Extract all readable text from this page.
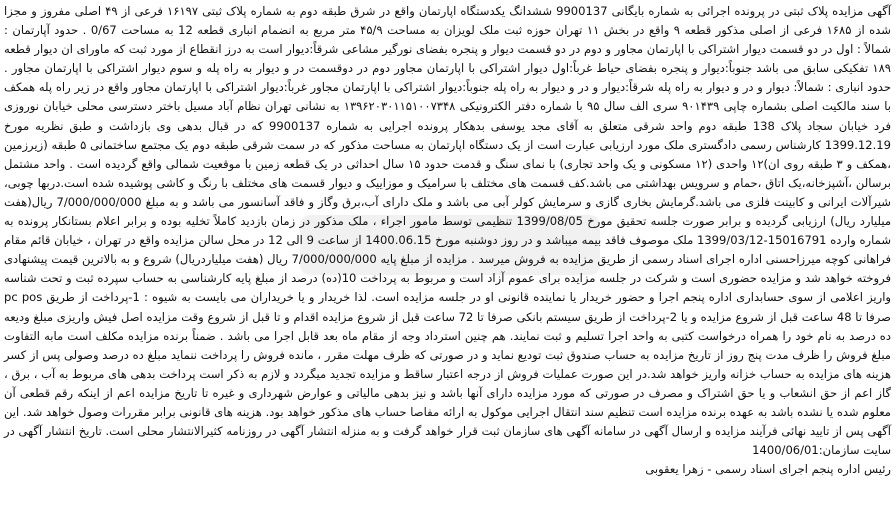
آگهی مزایده پلاک ثبتی در پرونده اجرائی به شماره بایگانی 9900137 ششدانگ یکدستگاه اپارتمان واقع در شرق طبقه دوم به شماره پلاک ثبتی ۱۶۱۹۷ فرعی از ۴۹ اصلی مفروز و مجزا شده از ۱۶۸۵ فرعی از اصلی مذکور قطعه ۹ واقع در بخش ۱۱ تهران حوزه ثبت ملک لویزان به مساحت ۴۵/۹ متر مربع به انضمام انباری قطعه 12 به مساحت 0/67 . حدود آپارتمان : شمالاً : اول در دو قسمت دیوار اشتراکی با اپارتمان مجاور و دوم در دو قسمت دیوار و پنجره بفضای نورگیر مشاعی شرقاً:دیوار است به درز انقطاع از مورد ثبت که ماورای ان دیوار قطعه ۱۸۹ تفکیکی سابق می باشد جنوباً:دیوار و پنجره بفضای حیاط غرباً:اول دیوار اشتراکی با اپارتمان مجاور دوم در دوقسمت در و دیوار به راه پله و سوم دیوار اشتراکی با اپارتمان مجاور . حدود انباری : شمالاً: دیوار و در و دیوار به راه پله شرقاً:دیوار و در و دیوار به راه پله جنوباً:دیوار اشتراکی با اپارتمان مجاور غرباً:دیوار اشتراکی با اپارتمان مجاور واقع در زیر راه پله همکف با سند مالکیت اصلی بشماره چاپی ۹۰۱۴۳۹ سری الف سال ۹۵ با شماره دفتر الکترونیکی ۱۳۹۶۲۰۳۰۱۱۵۱۰۰۷۳۴۸ به نشانی تهران نظام آباد مسیل باختر دسترسی محلی خیابان نوروزی فرد خیابان سجاد پلاک 138 طبقه دوم واحد شرقی متعلق به آقای مجد یوسفی بدهکار پرونده اجرایی به شماره 9900137 که در قبال بدهی وی بازداشت و طبق نظریه مورخ 1399.12.19 کارشناس رسمی دادگستری ملک مورد ارزیابی عبارت است از یک دستگاه اپارتمان به مساحت مذکور که در سمت شرقی طبقه دوم یک مجتمع ساختمانی ۵ طبقه (زیرزمین ،همکف و ۳ طبقه روی ان)۱۲ واحدی (۱۲ مسکونی و یک واحد تجاری) با نمای سنگ و قدمت حدود ۱۵ سال احداثی در یک قطعه زمین با موقعیت شمالی واقع گردیده است . واحد مشتمل برسالن ،آشپزخانه،یک اتاق ،حمام و سرویس بهداشتی می باشد.کف قسمت های مختلف با سرامیک و موزاییک و دیوار قسمت های مختلف با رنگ و کاشی پوشیده شده است.دربها چوبی، شیرآلات ایرانی و کابینت فلزی می باشد.گرمایش بخاری گازی و سرمایش کولر آبی می باشد و ملک دارای آب،برق وگاز و فاقد آسانسور می باشد و به مبلغ 7/000/000/000 ریال(هفت میلیارد ریال) ارزیابی گردیده و برابر صورت جلسه تحقیق مورخ 1399/08/05 تنظیمی توسط مامور اجراء ، ملک مذکور در زمان بازدید کاملاً تخلیه بوده و برابر اعلام بستانکار پرونده به شماره وارده 15016791-1399/03/12 ملک موصوف فاقد بیمه میباشد و در روز دوشنبه مورخ 1400.06.15 از ساعت 9 الی 12 در محل سالن مزایده واقع در تهران ، خیابان قائم مقام فراهانی کوچه میرزاحسنی اداره اجرای اسناد رسمی از طریق مزایده به فروش میرسد . مزایده از مبلغ پایه 7/000/000/000 ریال (هفت میلیاردریال) شروع و به بالاترین قیمت پیشنهادی فروخته خواهد شد و مزایده حضوری است و شرکت در جلسه مزایده برای عموم آزاد است و مربوط به پرداخت 10(ده) درصد از مبلغ پایه کارشناسی به حساب سپرده ثبت و تحت شناسه واریز اعلامی از سوی حسابداری اداره پنجم اجرا و حضور خریدار یا نماینده قانونی او در جلسه مزایده است. لذا خریدار و یا خریداران می بایست به شیوه : 1-پرداخت از طریق pc pos صرفا تا 48 ساعت قبل از شروع مزایده و یا 2-پرداخت از طریق سیستم بانکی صرفا تا 72 ساعت قبل از شروع مزایده اقدام و تا قبل از شروع وقت مزایده اصل فیش واریزی مبلغ ودیعه ده درصد به نام خود را همراه درخواست کتبی به واحد اجرا تسلیم و ثبت نمایند. هم چنین استرداد وجه از مقام ماه بعد قابل اجرا می باشد . ضمناً برنده مزایده مکلف است مابه التفاوت مبلغ فروش را ظرف مدت پنج روز از تاریخ مزایده به حساب صندوق ثبت تودیع نماید و در صورتی که ظرف مهلت مقرر ، مانده فروش را پرداخت ننماید مبلغ ده درصد وصولی پس از کسر هزینه های مزایده به حساب خزانه واریز خواهد شد.در این صورت عملیات فروش از درجه اعتبار ساقط و مزایده تجدید میگردد و لازم به ذکر است پرداخت بدهی های مربوط به آب ، برق ، گاز اعم از حق انشعاب و یا حق اشتراک و مصرف در صورتی که مورد مزایده دارای آنها باشد و نیز بدهی مالیاتی و عوارض شهرداری و غیره تا تاریخ مزایده اعم از اینکه رقم قطعی آن معلوم شده یا نشده باشد به عهده برنده مزایده است تنظیم سند انتقال اجرایی موکول به ارائه مفاصا حساب های مذکور خواهد بود. هزینه های قانونی برابر مقررات وصول خواهد شد. این آگهی پس از تایید نهائی فرآیند مزایده و ارسال آگهی در سامانه آگهی های سازمان ثبت قرار خواهد گرفت و به منزله انتشار آگهی در روزنامه کثیرالانتشار محلی است. تاریخ انتشار آگهی در سایت سازمان:1400/06/01

رئیس اداره پنجم اجرای اسناد رسمی - زهرا یعقوبی
